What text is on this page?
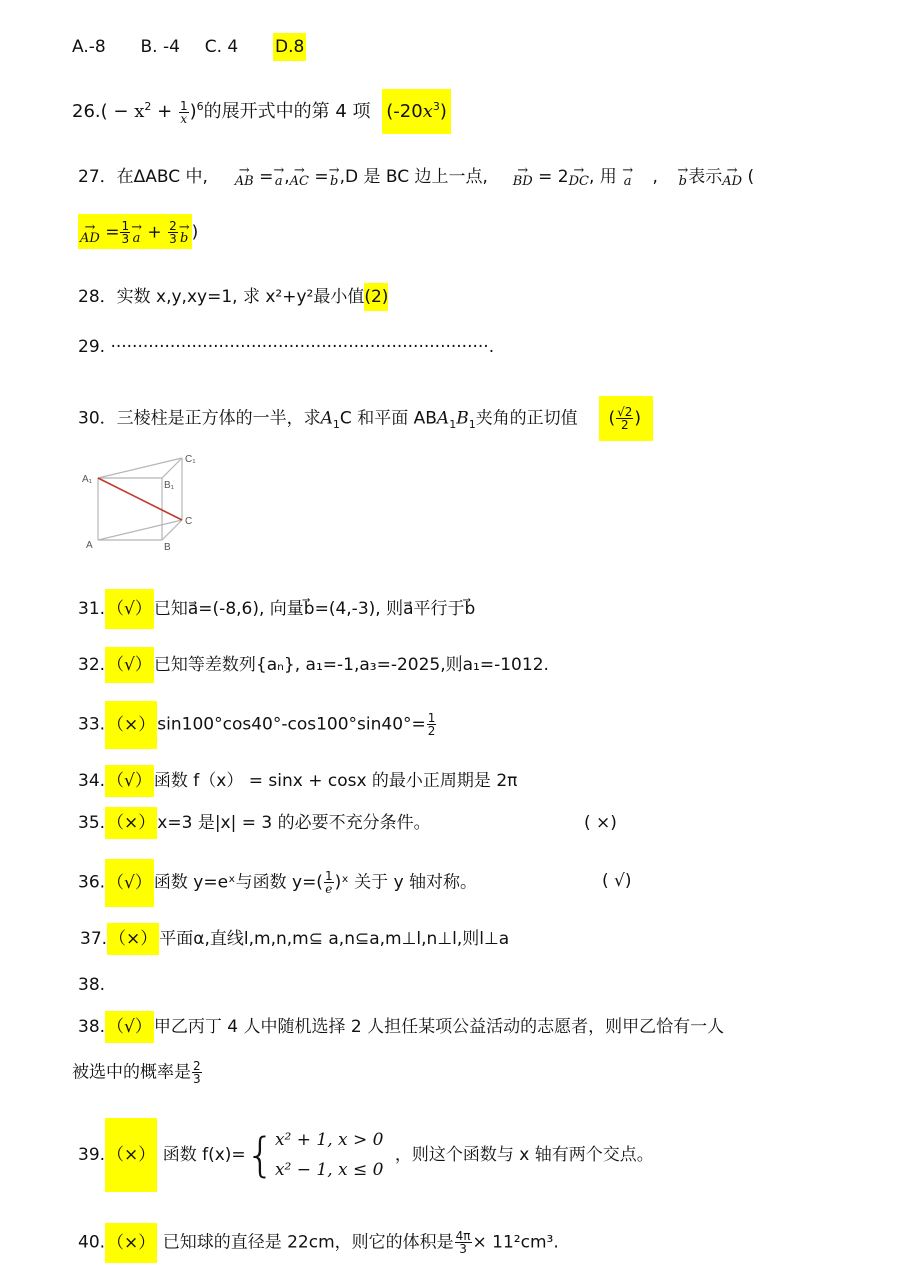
A.-8 B. -4 C. 4 D.8
$26.( - x^2 + \frac{1}{x} )^6$的展开式中的第 4 项 $(-20x^3)$
27．在ΔABC 中,	→
AB = →
a, →
AC = →
b,D 是 BC 边上一点,	→
BD = 2 →
DC, 用 →
a , →
b表示 →
AD (
→
AD = $\frac{1}{3}$ →
$a + \frac{2}{3}$ →
b )
28．实数 x,y,xy=1, 求 x²+y²最小值(2)
29. ······································································.
30．三棱柱是正方体的一半，求$A_1C$ 和平面 $ABA_1B_1$夹角的正切值 ( $\frac{√2}{2}$ )
A₁
C₁
B₁
C
A	B
31. （√） 已知a⃗=(-8,6), 向量b⃗=(4,-3), 则a⃗平行于b⃗
32. （√） 已知等差数列{aₙ}, a₁=-1,a₃=-2025,则a₁=-1012.
33. （×） $\sin 100^\circ\cos 40^\circ-\cos 100^\circ\sin 40^\circ= \frac{1}{2}$
34. （√） 函数 f（x） = sinx + cosx 的最小正周期是 2π
35. （×） x=3 是|x| = 3 的必要不充分条件。	( ×)
36. （√） 函数 y=eˣ与函数 $y=( \frac{1}{e}$ )ˣ 关于 y 轴对称。	( √)
37. （×） 平面α,直线l,m,n,m⊆ a,n⊆a,m⊥l,n⊥l,则l⊥a
38.
38. （√） 甲乙丙丁 4 人中随机选择 2 人担任某项公益活动的志愿者，则甲乙恰有一人
被选中的概率是 $\frac{2}{3}$
39. （×） 函数 f(x)={ x² + 1, x > 0
x² − 1, x ≤ 0
，则这个函数与 x 轴有两个交点。
40. （×） 已知球的直径是 22cm，则它的体积是 $\frac{4\pi}{3} \times 11^2cm^3$.
